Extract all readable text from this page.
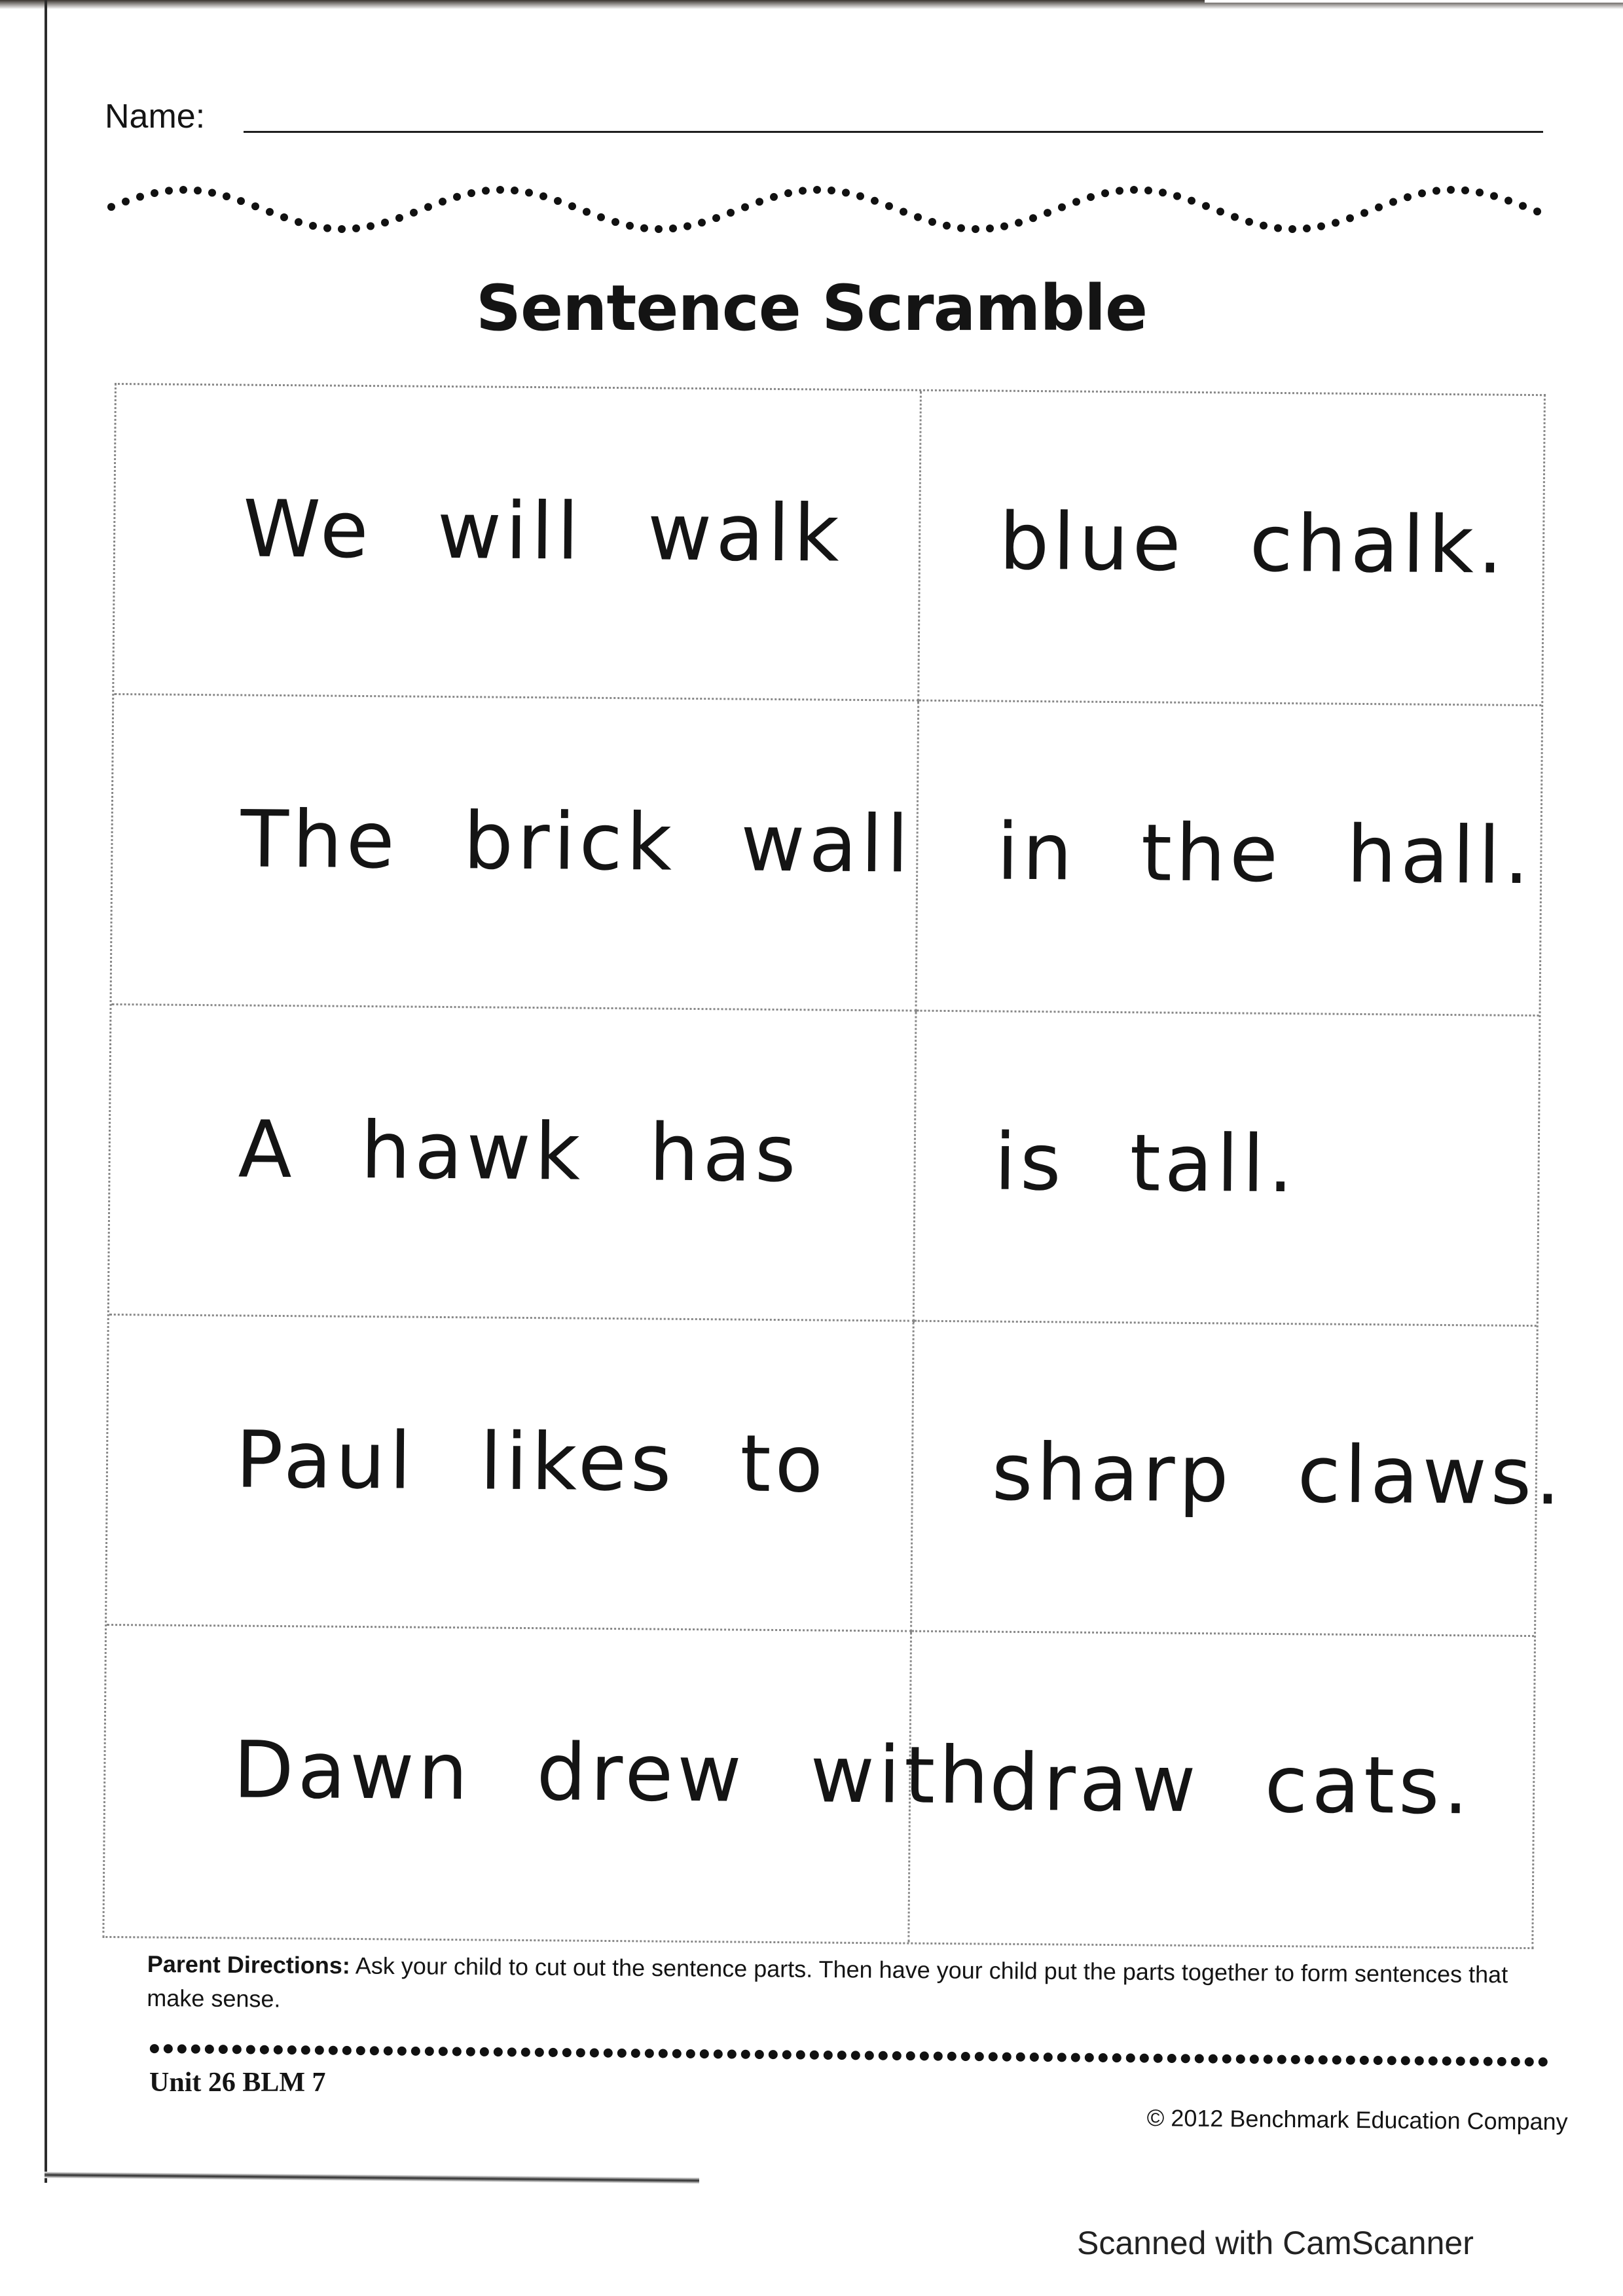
Name:
Sentence Scramble
We will walk blue chalk.
The brick wall in the hall.
A hawk has is tall.
Paul likes to sharp claws.
Dawn drew with
draw cats.
Parent Directions: Ask your child to cut out the sentence parts. Then have your child put the parts together to form sentences that make sense.
Unit 26 BLM 7
© 2012 Benchmark Education Company
Scanned with CamScanner
